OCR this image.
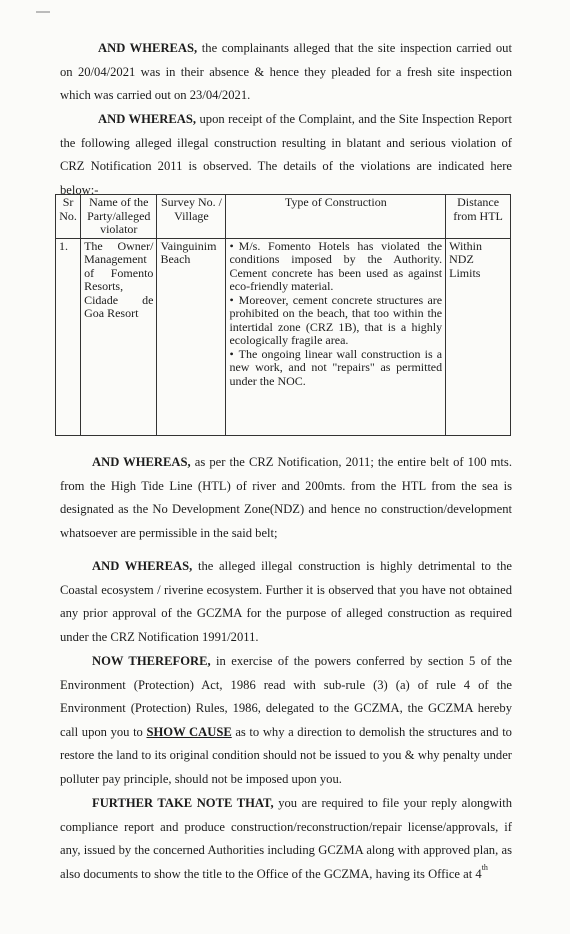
AND WHEREAS, the complainants alleged that the site inspection carried out on 20/04/2021 was in their absence & hence they pleaded for a fresh site inspection which was carried out on 23/04/2021.

AND WHEREAS, upon receipt of the Complaint, and the Site Inspection Report the following alleged illegal construction resulting in blatant and serious violation of CRZ Notification 2011 is observed. The details of the violations are indicated here below:-

Sr No.	Name of the Party/alleged violator	Survey No. / Village	Type of Construction	Distance from HTL
1.	The Owner/ Management of Fomento Resorts, Cidade de Goa Resort	Vainguinim Beach	• M/s. Fomento Hotels has violated the conditions imposed by the Authority. Cement concrete has been used as against eco-friendly material.

• Moreover, cement concrete structures are prohibited on the beach, that too within the intertidal zone (CRZ 1B), that is a highly ecologically fragile area.

• The ongoing linear wall construction is a new work, and not "repairs" as permitted under the NOC.	Within NDZ Limits

AND WHEREAS, as per the CRZ Notification, 2011; the entire belt of 100 mts. from the High Tide Line (HTL) of river and 200mts. from the HTL from the sea is designated as the No Development Zone(NDZ) and hence no construction/development whatsoever are permissible in the said belt;

AND WHEREAS, the alleged illegal construction is highly detrimental to the Coastal ecosystem / riverine ecosystem. Further it is observed that you have not obtained any prior approval of the GCZMA for the purpose of alleged construction as required under the CRZ Notification 1991/2011.

NOW THEREFORE, in exercise of the powers conferred by section 5 of the Environment (Protection) Act, 1986 read with sub-rule (3) (a) of rule 4 of the Environment (Protection) Rules, 1986, delegated to the GCZMA, the GCZMA hereby call upon you to SHOW CAUSE as to why a direction to demolish the structures and to restore the land to its original condition should not be issued to you & why penalty under polluter pay principle, should not be imposed upon you.

FURTHER TAKE NOTE THAT, you are required to file your reply alongwith compliance report and produce construction/reconstruction/repair license/approvals, if any, issued by the concerned Authorities including GCZMA along with approved plan, as also documents to show the title to the Office of the GCZMA, having its Office at 4th
